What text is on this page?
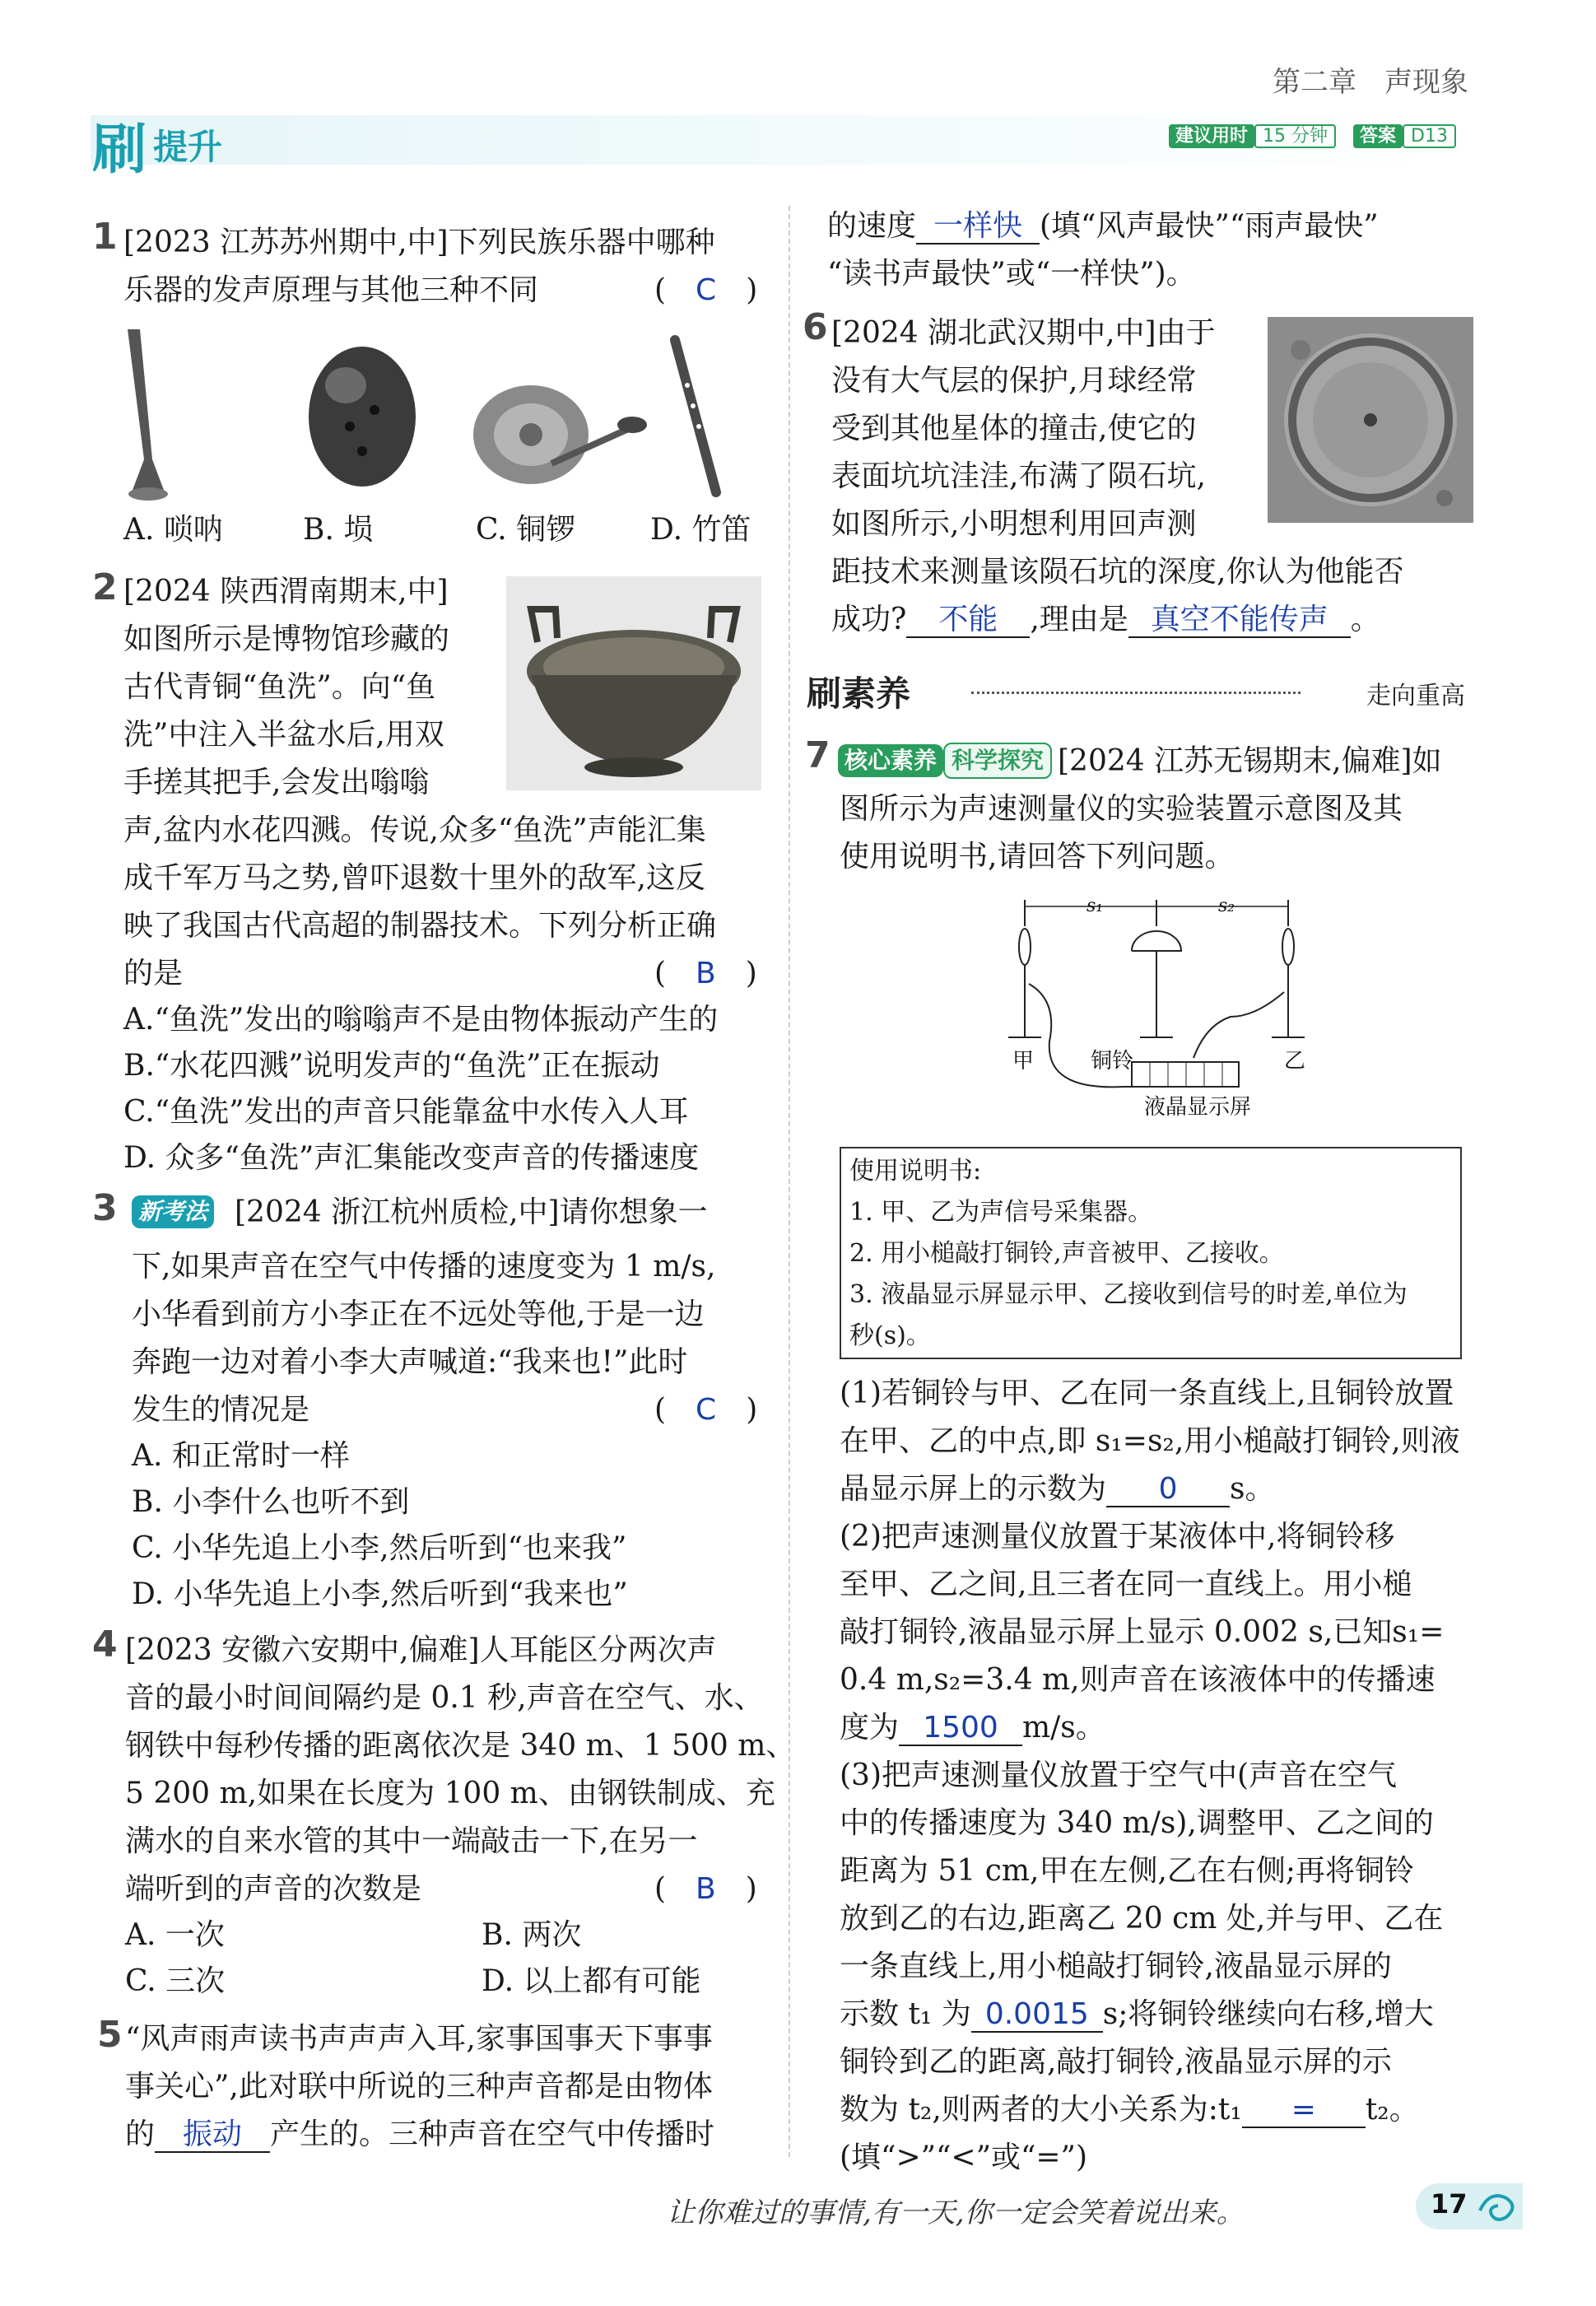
第二章　声现象
刷 提升	建议用时 15 分钟 答案 D13
1 [2023 江苏苏州期中,中]下列民族乐器中哪种
乐器的发声原理与其他三种不同	(　C　)
A. 唢呐	B. 埙	C. 铜锣	D. 竹笛
2 [2024 陕西渭南期末,中]
如图所示是博物馆珍藏的
古代青铜“鱼洗”。向“鱼
洗”中注入半盆水后,用双
手搓其把手,会发出嗡嗡
声,盆内水花四溅。传说,众多“鱼洗”声能汇集
成千军万马之势,曾吓退数十里外的敌军,这反
映了我国古代高超的制器技术。下列分析正确
的是	(　B　)
A.“鱼洗”发出的嗡嗡声不是由物体振动产生的
B.“水花四溅”说明发声的“鱼洗”正在振动
C.“鱼洗”发出的声音只能靠盆中水传入人耳
D. 众多“鱼洗”声汇集能改变声音的传播速度
3 新考法 [2024 浙江杭州质检,中]请你想象一
下,如果声音在空气中传播的速度变为 1 m/s,
小华看到前方小李正在不远处等他,于是一边
奔跑一边对着小李大声喊道:“我来也!”此时
发生的情况是	(　C　)
A. 和正常时一样
B. 小李什么也听不到
C. 小华先追上小李,然后听到“也来我”
D. 小华先追上小李,然后听到“我来也”
4 [2023 安徽六安期中,偏难]人耳能区分两次声
音的最小时间间隔约是 0.1 秒,声音在空气、水、
钢铁中每秒传播的距离依次是 340 m、1 500 m、
5 200 m,如果在长度为 100 m、由钢铁制成、充
满水的自来水管的其中一端敲击一下,在另一
端听到的声音的次数是	(　B　)
A. 一次	B. 两次
C. 三次	D. 以上都有可能
5 “风声雨声读书声声声入耳,家事国事天下事事
事关心”,此对联中所说的三种声音都是由物体
的 振动 产生的。三种声音在空气中传播时
的速度 一样快 (填“风声最快”“雨声最快”
“读书声最快”或“一样快”)。
6 [2024 湖北武汉期中,中]由于
没有大气层的保护,月球经常
受到其他星体的撞击,使它的
表面坑坑洼洼,布满了陨石坑,
如图所示,小明想利用回声测
距技术来测量该陨石坑的深度,你认为他能否
成功? 不能 ,理由是 真空不能传声 。
刷素养	走向重高
7 核心素养 科学探究 [2024 江苏无锡期末,偏难]如
图所示为声速测量仪的实验装置示意图及其
使用说明书,请回答下列问题。
s₁	s₂
甲	铜铃	乙
液晶显示屏
使用说明书:
1. 甲、乙为声信号采集器。
2. 用小槌敲打铜铃,声音被甲、乙接收。
3. 液晶显示屏显示甲、乙接收到信号的时差,单位为
秒(s)。
(1)若铜铃与甲、乙在同一条直线上,且铜铃放置
在甲、乙的中点,即 s₁=s₂,用小槌敲打铜铃,则液
晶显示屏上的示数为 0 s。
(2)把声速测量仪放置于某液体中,将铜铃移
至甲、乙之间,且三者在同一直线上。用小槌
敲打铜铃,液晶显示屏上显示 0.002 s,已知s₁=
0.4 m,s₂=3.4 m,则声音在该液体中的传播速
度为 1500 m/s。
(3)把声速测量仪放置于空气中(声音在空气
中的传播速度为 340 m/s),调整甲、乙之间的
距离为 51 cm,甲在左侧,乙在右侧;再将铜铃
放到乙的右边,距离乙 20 cm 处,并与甲、乙在
一条直线上,用小槌敲打铜铃,液晶显示屏的
示数 t₁ 为 0.0015 s;将铜铃继续向右移,增大
铜铃到乙的距离,敲打铜铃,液晶显示屏的示
数为 t₂,则两者的大小关系为:t₁ = t₂。
(填“>”“<”或“=”)
让你难过的事情,有一天,你一定会笑着说出来。	17
